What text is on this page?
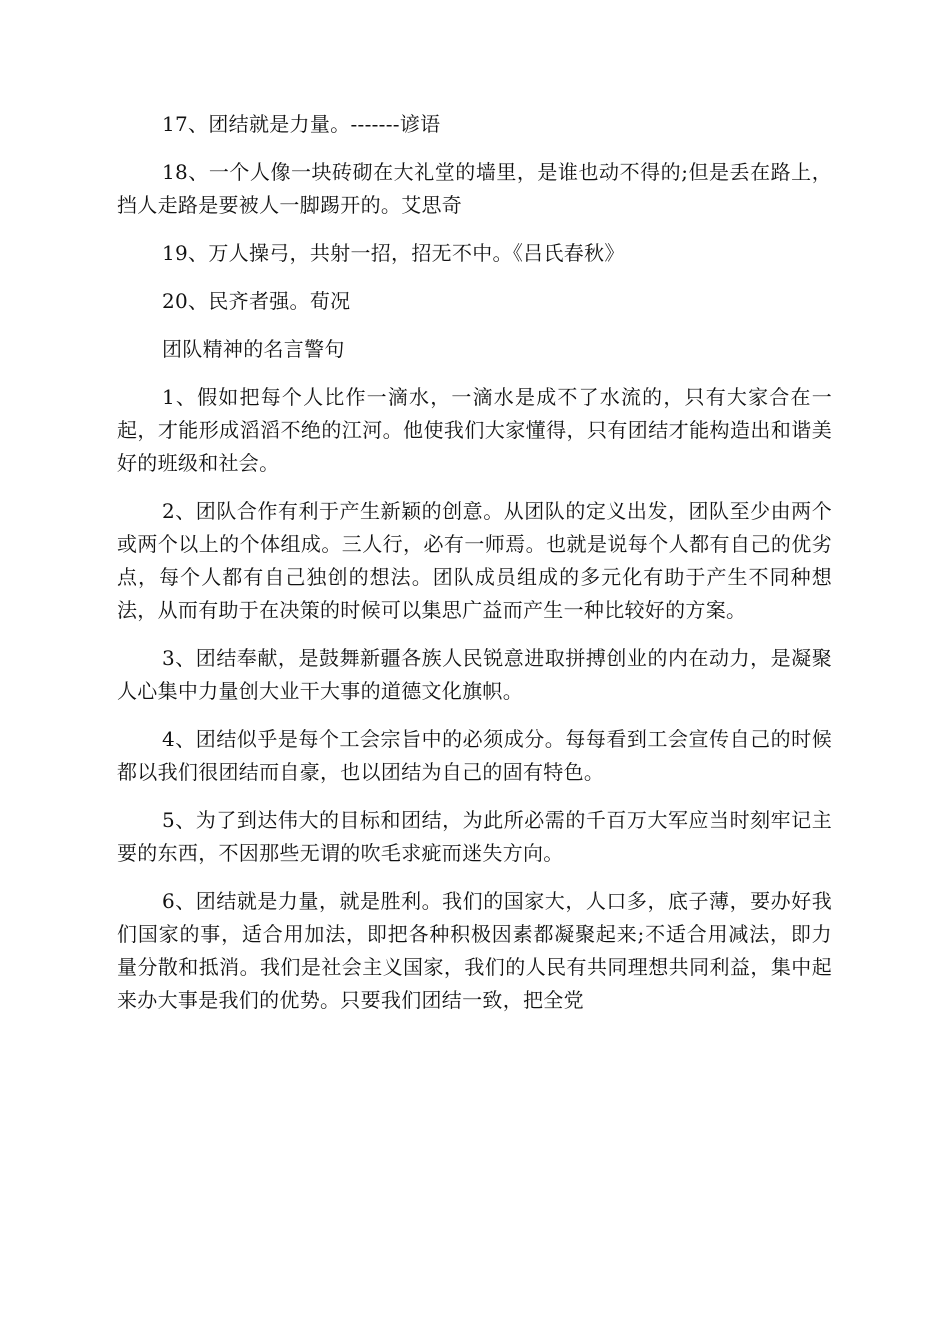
17、团结就是力量。-------谚语

18、一个人像一块砖砌在大礼堂的墙里，是谁也动不得的;但是丢在路上，挡人走路是要被人一脚踢开的。艾思奇

19、万人操弓，共射一招，招无不中。《吕氏春秋》

20、民齐者强。荀况

团队精神的名言警句

1、假如把每个人比作一滴水，一滴水是成不了水流的，只有大家合在一起，才能形成滔滔不绝的江河。他使我们大家懂得，只有团结才能构造出和谐美好的班级和社会。

2、团队合作有利于产生新颖的创意。从团队的定义出发，团队至少由两个或两个以上的个体组成。三人行，必有一师焉。也就是说每个人都有自己的优劣点，每个人都有自己独创的想法。团队成员组成的多元化有助于产生不同种想法，从而有助于在决策的时候可以集思广益而产生一种比较好的方案。

3、团结奉献，是鼓舞新疆各族人民锐意进取拼搏创业的内在动力，是凝聚人心集中力量创大业干大事的道德文化旗帜。

4、团结似乎是每个工会宗旨中的必须成分。每每看到工会宣传自己的时候都以我们很团结而自豪，也以团结为自己的固有特色。

5、为了到达伟大的目标和团结，为此所必需的千百万大军应当时刻牢记主要的东西，不因那些无谓的吹毛求疵而迷失方向。

6、团结就是力量，就是胜利。我们的国家大，人口多，底子薄，要办好我们国家的事，适合用加法，即把各种积极因素都凝聚起来;不适合用减法，即力量分散和抵消。我们是社会主义国家，我们的人民有共同理想共同利益，集中起来办大事是我们的优势。只要我们团结一致，把全党
